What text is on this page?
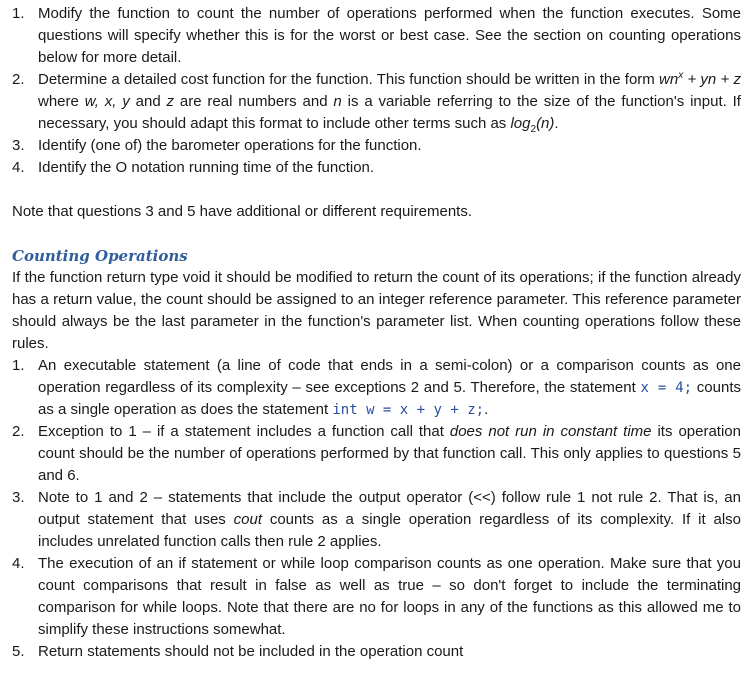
1. Modify the function to count the number of operations performed when the function executes. Some questions will specify whether this is for the worst or best case. See the section on counting operations below for more detail.
2. Determine a detailed cost function for the function. This function should be written in the form $wn^x$ + yn + z where w, x, y and z are real numbers and n is a variable referring to the size of the function's input. If necessary, you should adapt this format to include other terms such as $\log_2(n)$.
3. Identify (one of) the barometer operations for the function.
4. Identify the O notation running time of the function.

Note that questions 3 and 5 have additional or different requirements.

Counting Operations

If the function return type void it should be modified to return the count of its operations; if the function already has a return value, the count should be assigned to an integer reference parameter. This reference parameter should always be the last parameter in the function's parameter list. When counting operations follow these rules.

1. An executable statement (a line of code that ends in a semi-colon) or a comparison counts as one operation regardless of its complexity – see exceptions 2 and 5. Therefore, the statement x = 4; counts as a single operation as does the statement int w = x + y + z;.
2. Exception to 1 – if a statement includes a function call that does not run in constant time its operation count should be the number of operations performed by that function call. This only applies to questions 5 and 6.
3. Note to 1 and 2 – statements that include the output operator (<<) follow rule 1 not rule 2. That is, an output statement that uses cout counts as a single operation regardless of its complexity. If it also includes unrelated function calls then rule 2 applies.
4. The execution of an if statement or while loop comparison counts as one operation. Make sure that you count comparisons that result in false as well as true – so don't forget to include the terminating comparison for while loops. Note that there are no for loops in any of the functions as this allowed me to simplify these instructions somewhat.
5. Return statements should not be included in the operation count
